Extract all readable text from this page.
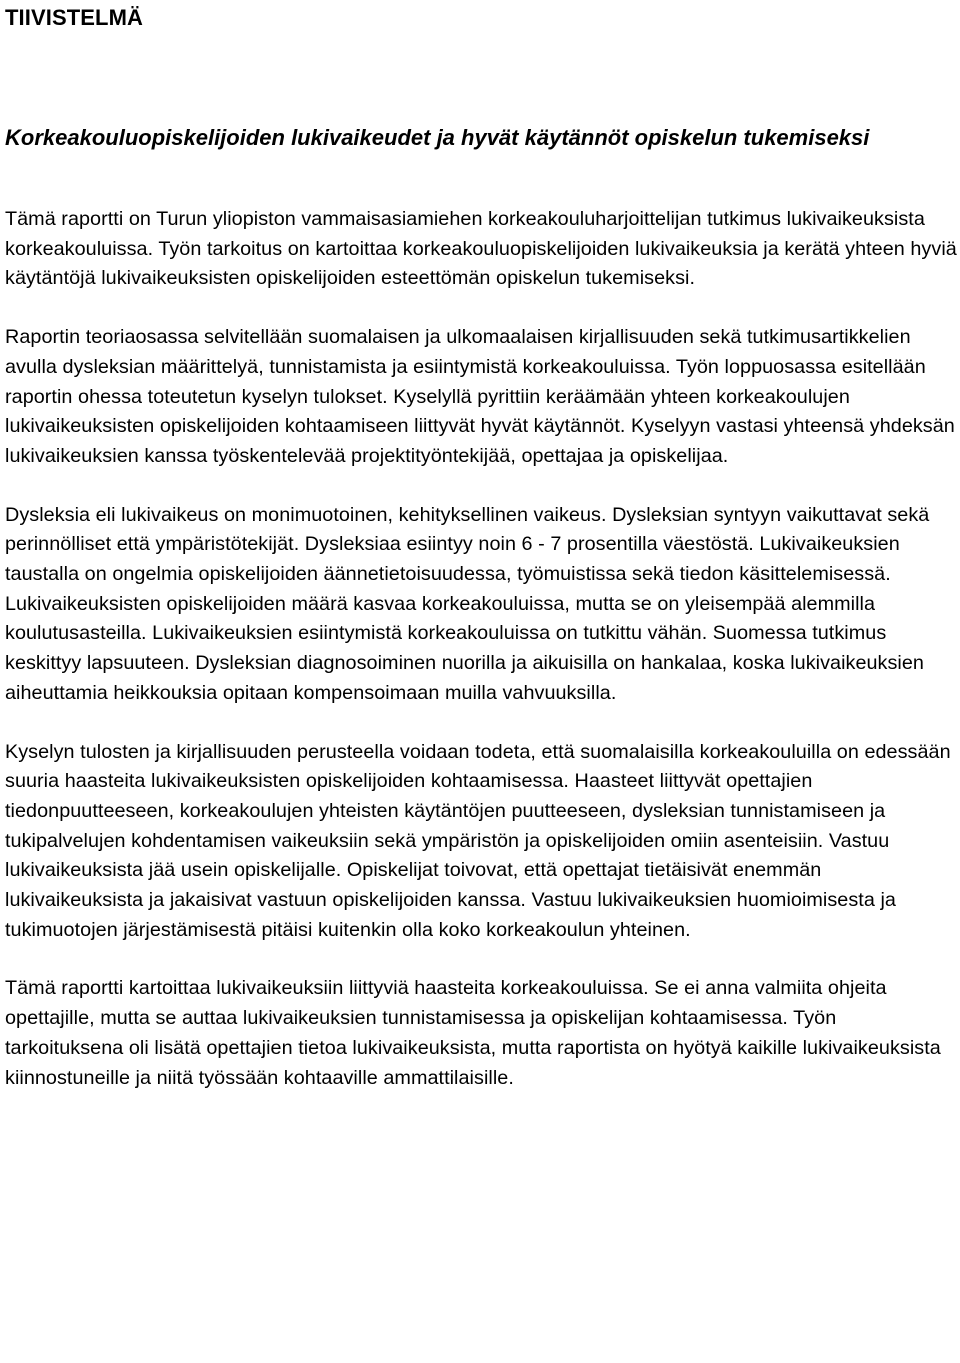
TIIVISTELMÄ
Korkeakouluopiskelijoiden lukivaikeudet ja hyvät käytännöt opiskelun tukemiseksi

Tämä raportti on Turun yliopiston vammaisasiamiehen korkeakouluharjoittelijan tutkimus lukivaikeuksista korkeakouluissa. Työn tarkoitus on kartoittaa korkeakouluopiskelijoiden lukivaikeuksia ja kerätä yhteen hyviä käytäntöjä lukivaikeuksisten opiskelijoiden esteettömän opiskelun tukemiseksi.

Raportin teoriaosassa selvitellään suomalaisen ja ulkomaalaisen kirjallisuuden sekä tutkimusartikkelien avulla dysleksian määrittelyä, tunnistamista ja esiintymistä korkeakouluissa. Työn loppuosassa esitellään raportin ohessa toteutetun kyselyn tulokset. Kyselyllä pyrittiin keräämään yhteen korkeakoulujen lukivaikeuksisten opiskelijoiden kohtaamiseen liittyvät hyvät käytännöt. Kyselyyn vastasi yhteensä yhdeksän lukivaikeuksien kanssa työskentelevää projektityöntekijää, opettajaa ja opiskelijaa.

Dysleksia eli lukivaikeus on monimuotoinen, kehityksellinen vaikeus. Dysleksian syntyyn vaikuttavat sekä perinnölliset että ympäristötekijät. Dysleksiaa esiintyy noin 6 - 7 prosentilla väestöstä. Lukivaikeuksien taustalla on ongelmia opiskelijoiden äännetietoisuudessa, työmuistissa sekä tiedon käsittelemisessä. Lukivaikeuksisten opiskelijoiden määrä kasvaa korkeakouluissa, mutta se on yleisempää alemmilla koulutusasteilla. Lukivaikeuksien esiintymistä korkeakouluissa on tutkittu vähän. Suomessa tutkimus keskittyy lapsuuteen. Dysleksian diagnosoiminen nuorilla ja aikuisilla on hankalaa, koska lukivaikeuksien aiheuttamia heikkouksia opitaan kompensoimaan muilla vahvuuksilla.

Kyselyn tulosten ja kirjallisuuden perusteella voidaan todeta, että suomalaisilla korkeakouluilla on edessään suuria haasteita lukivaikeuksisten opiskelijoiden kohtaamisessa. Haasteet liittyvät opettajien tiedonpuutteeseen, korkeakoulujen yhteisten käytäntöjen puutteeseen, dysleksian tunnistamiseen ja tukipalvelujen kohdentamisen vaikeuksiin sekä ympäristön ja opiskelijoiden omiin asenteisiin. Vastuu lukivaikeuksista jää usein opiskelijalle. Opiskelijat toivovat, että opettajat tietäisivät enemmän lukivaikeuksista ja jakaisivat vastuun opiskelijoiden kanssa. Vastuu lukivaikeuksien huomioimisesta ja tukimuotojen järjestämisestä pitäisi kuitenkin olla koko korkeakoulun yhteinen.

Tämä raportti kartoittaa lukivaikeuksiin liittyviä haasteita korkeakouluissa. Se ei anna valmiita ohjeita opettajille, mutta se auttaa lukivaikeuksien tunnistamisessa ja opiskelijan kohtaamisessa. Työn tarkoituksena oli lisätä opettajien tietoa lukivaikeuksista, mutta raportista on hyötyä kaikille lukivaikeuksista kiinnostuneille ja niitä työssään kohtaaville ammattilaisille.
